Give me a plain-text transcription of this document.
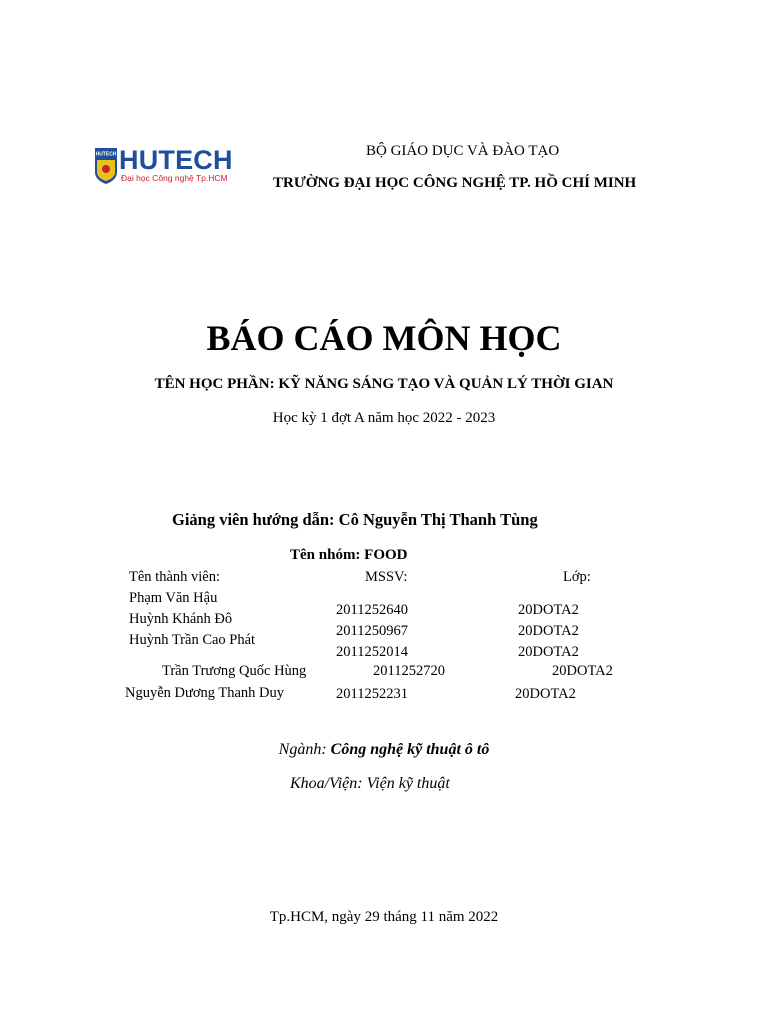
HUTECH HUTECH
Đại học Công nghệ Tp.HCM
BỘ GIÁO DỤC VÀ ĐÀO TẠO
TRƯỜNG ĐẠI HỌC CÔNG NGHỆ TP. HỒ CHÍ MINH
BÁO CÁO MÔN HỌC
TÊN HỌC PHẦN: KỸ NĂNG SÁNG TẠO VÀ QUẢN LÝ THỜI GIAN
Học kỳ 1 đợt A năm học 2022 - 2023
Giảng viên hướng dẫn: Cô Nguyễn Thị Thanh Tùng
Tên nhóm: FOOD
Tên thành viên:	MSSV:	Lớp:
Phạm Văn Hậu
Huỳnh Khánh Đô
Huỳnh Trần Cao Phát
Trần Trương Quốc Hùng
Nguyễn Dương Thanh Duy
2011252640
2011250967
2011252014
2011252720
2011252231
20DOTA2
20DOTA2
20DOTA2
20DOTA2
20DOTA2
Ngành: Công nghệ kỹ thuật ô tô
Khoa/Viện: Viện kỹ thuật
Tp.HCM, ngày 29 tháng 11 năm 2022
